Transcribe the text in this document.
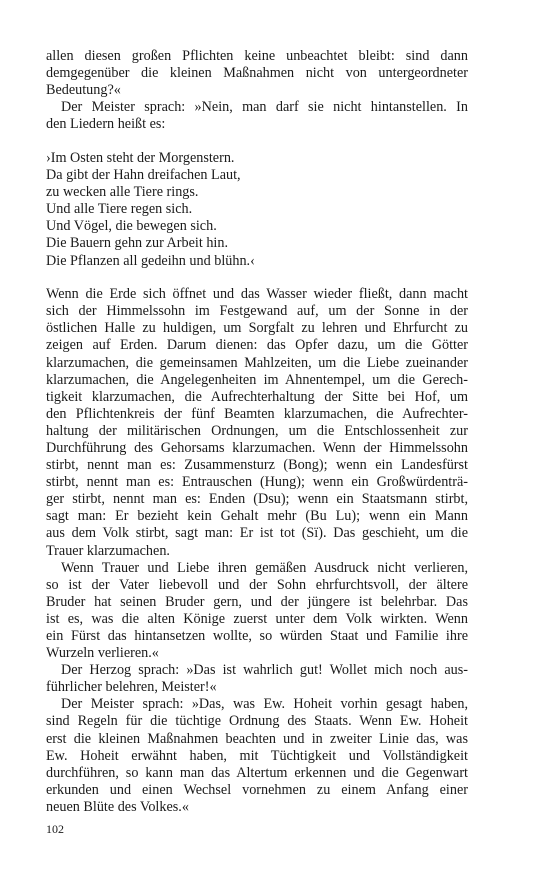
allen diesen großen Pflichten keine unbeachtet bleibt: sind dann
demgegenüber die kleinen Maßnahmen nicht von untergeordneter
Bedeutung?«
Der Meister sprach: »Nein, man darf sie nicht hintanstellen. In
den Liedern heißt es:
›Im Osten steht der Morgenstern.
Da gibt der Hahn dreifachen Laut,
zu wecken alle Tiere rings.
Und alle Tiere regen sich.
Und Vögel, die bewegen sich.
Die Bauern gehn zur Arbeit hin.
Die Pflanzen all gedeihn und blühn.‹
Wenn die Erde sich öffnet und das Wasser wieder fließt, dann macht
sich der Himmelssohn im Festgewand auf, um der Sonne in der
östlichen Halle zu huldigen, um Sorgfalt zu lehren und Ehrfurcht zu
zeigen auf Erden. Darum dienen: das Opfer dazu, um die Götter
klarzumachen, die gemeinsamen Mahlzeiten, um die Liebe zueinander
klarzumachen, die Angelegenheiten im Ahnentempel, um die Gerech-
tigkeit klarzumachen, die Aufrechterhaltung der Sitte bei Hof, um
den Pflichtenkreis der fünf Beamten klarzumachen, die Aufrechter-
haltung der militärischen Ordnungen, um die Entschlossenheit zur
Durchführung des Gehorsams klarzumachen. Wenn der Himmelssohn
stirbt, nennt man es: Zusammensturz (Bong); wenn ein Landesfürst
stirbt, nennt man es: Entrauschen (Hung); wenn ein Großwürdenträ-
ger stirbt, nennt man es: Enden (Dsu); wenn ein Staatsmann stirbt,
sagt man: Er bezieht kein Gehalt mehr (Bu Lu); wenn ein Mann
aus dem Volk stirbt, sagt man: Er ist tot (Sï). Das geschieht, um die
Trauer klarzumachen.
Wenn Trauer und Liebe ihren gemäßen Ausdruck nicht verlieren,
so ist der Vater liebevoll und der Sohn ehrfurchtsvoll, der ältere
Bruder hat seinen Bruder gern, und der jüngere ist belehrbar. Das
ist es, was die alten Könige zuerst unter dem Volk wirkten. Wenn
ein Fürst das hintansetzen wollte, so würden Staat und Familie ihre
Wurzeln verlieren.«
Der Herzog sprach: »Das ist wahrlich gut! Wollet mich noch aus-
führlicher belehren, Meister!«
Der Meister sprach: »Das, was Ew. Hoheit vorhin gesagt haben,
sind Regeln für die tüchtige Ordnung des Staats. Wenn Ew. Hoheit
erst die kleinen Maßnahmen beachten und in zweiter Linie das, was
Ew. Hoheit erwähnt haben, mit Tüchtigkeit und Vollständigkeit
durchführen, so kann man das Altertum erkennen und die Gegenwart
erkunden und einen Wechsel vornehmen zu einem Anfang einer
neuen Blüte des Volkes.«
102
